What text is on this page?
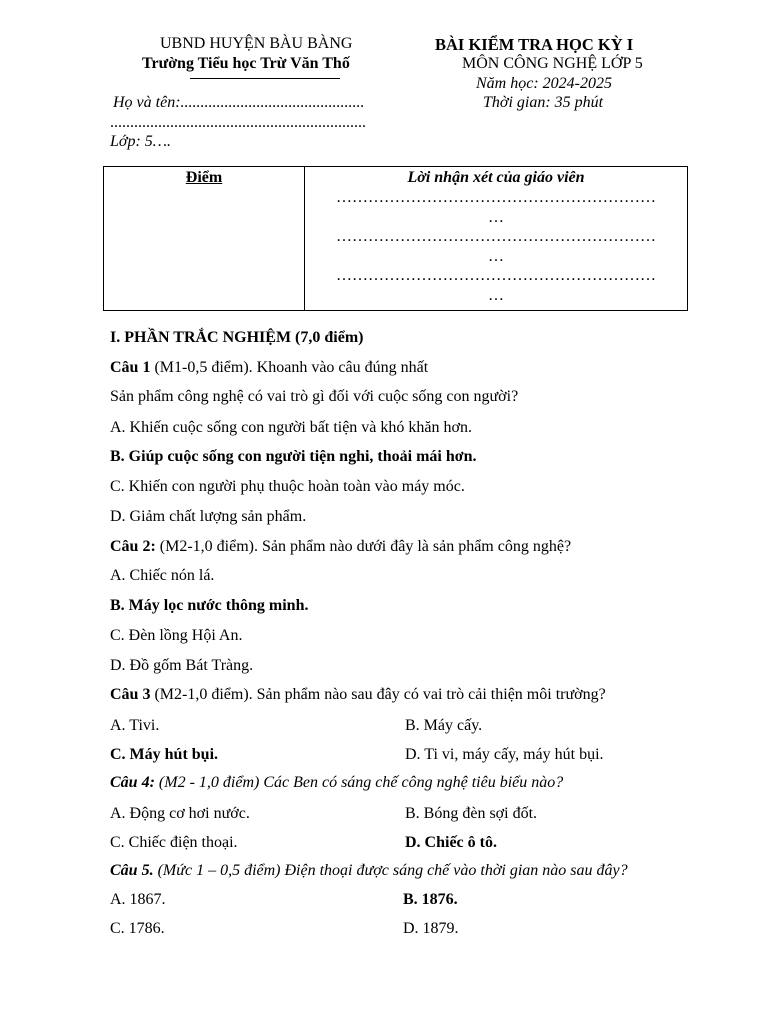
UBND HUYỆN BÀU BÀNG
Trường Tiểu học Trừ Văn Thố
BÀI KIỂM TRA HỌC KỲ I
MÔN CÔNG NGHỆ LỚP 5
Năm học: 2024-2025
Thời gian: 35 phút
Họ và tên:..............................................
................................................................
Lớp: 5….
Điểm	Lời nhận xét của giáo viên
……………………………………………………
…
……………………………………………………
…
……………………………………………………
…
I. PHẦN TRẮC NGHIỆM (7,0 điểm)
Câu 1 (M1-0,5 điểm). Khoanh vào câu đúng nhất
Sản phẩm công nghệ có vai trò gì đối với cuộc sống con người?
A. Khiến cuộc sống con người bất tiện và khó khăn hơn.
B. Giúp cuộc sống con người tiện nghi, thoải mái hơn.
C. Khiến con người phụ thuộc hoàn toàn vào máy móc.
D. Giảm chất lượng sản phẩm.
Câu 2: (M2-1,0 điểm). Sản phẩm nào dưới đây là sản phẩm công nghệ?
A. Chiếc nón lá.
B. Máy lọc nước thông minh.
C. Đèn lồng Hội An.
D. Đồ gốm Bát Tràng.
Câu 3 (M2-1,0 điểm). Sản phẩm nào sau đây có vai trò cải thiện môi trường?
A. Tivi.	B. Máy cấy.
C. Máy hút bụi.	D. Ti vi, máy cấy, máy hút bụi.
Câu 4: (M2 - 1,0 điểm) Các Ben có sáng chế công nghệ tiêu biểu nào?
A. Động cơ hơi nước.	B. Bóng đèn sợi đốt.
C. Chiếc điện thoại.	D. Chiếc ô tô.
Câu 5. (Mức 1 – 0,5 điểm) Điện thoại được sáng chế vào thời gian nào sau đây?
A. 1867.	B. 1876.
C. 1786.	D. 1879.
